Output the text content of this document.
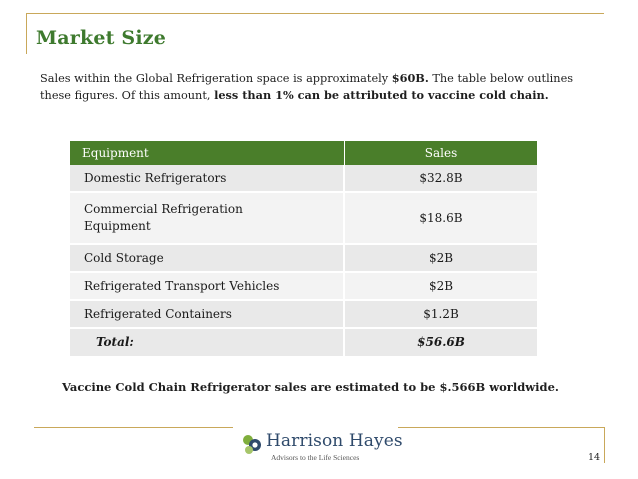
Market Size
Sales within the Global Refrigeration space is approximately $60B. The table below outlines these figures. Of this amount, less than 1% can be attributed to vaccine cold chain.
Equipment	Sales
Domestic Refrigerators	$32.8B

Commercial Refrigeration Equipment	$18.6B
Cold Storage	$2B
Refrigerated Transport Vehicles	$2B
Refrigerated Containers	$1.2B
Total:	$56.6B
Vaccine Cold Chain Refrigerator sales are estimated to be $.566B worldwide.
Harrison Hayes
Advisors to the Life Sciences	14
